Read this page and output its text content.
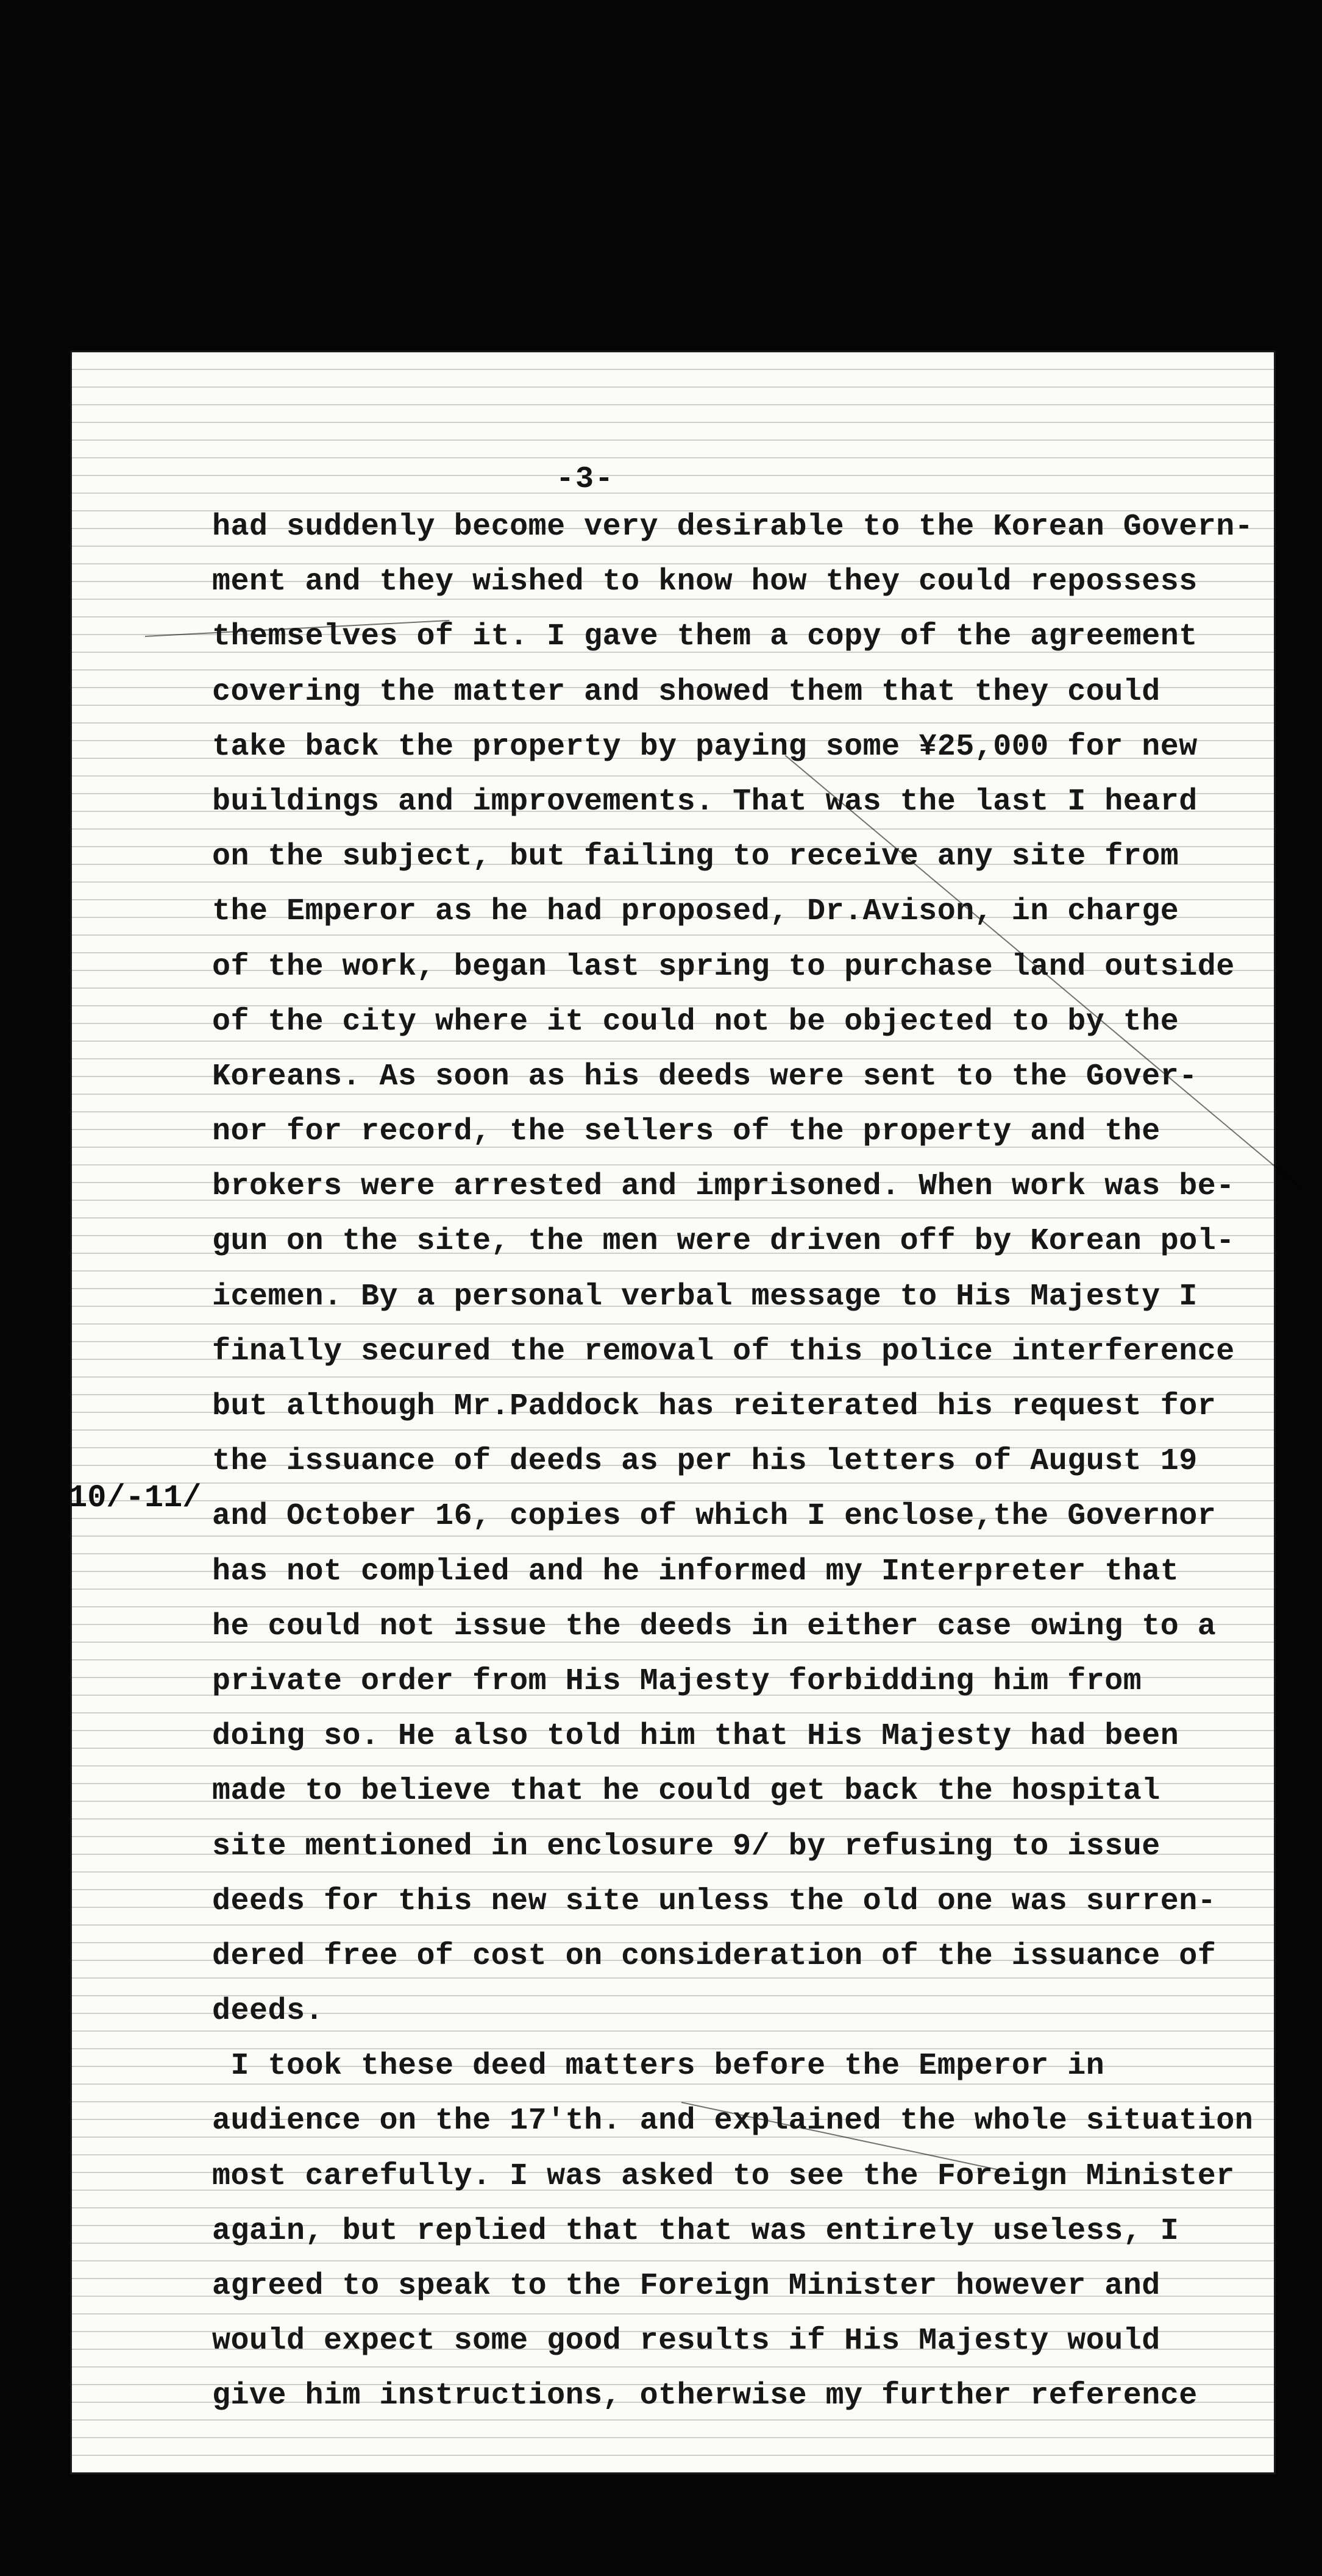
-3-
10/-11/
had suddenly become very desirable to the Korean Govern-
ment and they wished to know how they could repossess
themselves of it. I gave them a copy of the agreement
covering the matter and showed them that they could
take back the property by paying some ¥25,000 for new
buildings and improvements. That was the last I heard
on the subject, but failing to receive any site from
the Emperor as he had proposed, Dr.Avison, in charge
of the work, began last spring to purchase land outside
of the city where it could not be objected to by the
Koreans. As soon as his deeds were sent to the Gover-
nor for record, the sellers of the property and the
brokers were arrested and imprisoned. When work was be-
gun on the site, the men were driven off by Korean pol-
icemen. By a personal verbal message to His Majesty I
finally secured the removal of this police interference
but although Mr.Paddock has reiterated his request for
the issuance of deeds as per his letters of August 19
and October 16, copies of which I enclose,the Governor
has not complied and he informed my Interpreter that
he could not issue the deeds in either case owing to a
private order from His Majesty forbidding him from
doing so. He also told him that His Majesty had been
made to believe that he could get back the hospital
site mentioned in enclosure 9/ by refusing to issue
deeds for this new site unless the old one was surren-
dered free of cost on consideration of the issuance of
deeds.
I took these deed matters before the Emperor in
audience on the 17'th. and explained the whole situation
most carefully. I was asked to see the Foreign Minister
again, but replied that that was entirely useless, I
agreed to speak to the Foreign Minister however and
would expect some good results if His Majesty would
give him instructions, otherwise my further reference
